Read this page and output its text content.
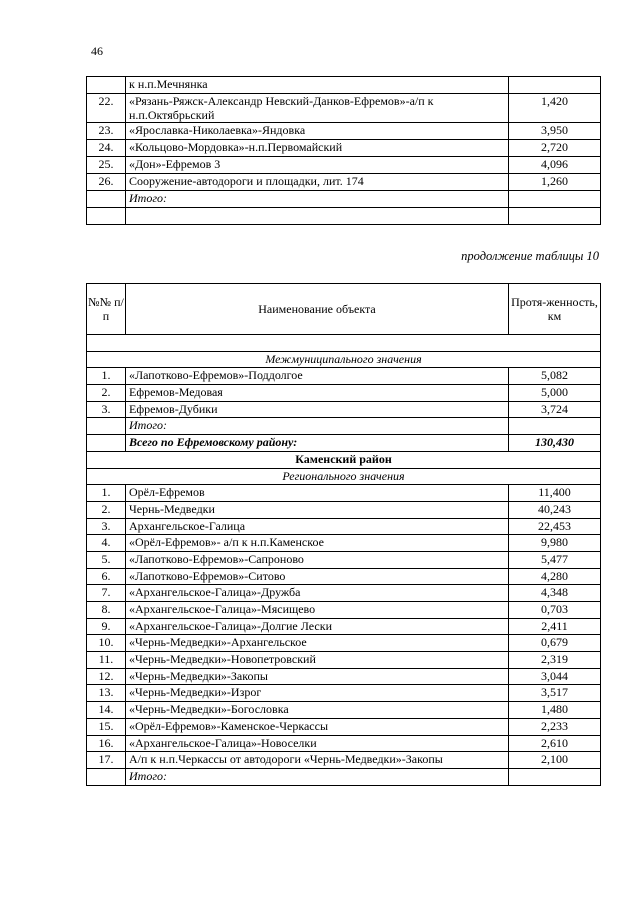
46
	к н.п.Мечнянка	
22.	«Рязань-Ряжск-Александр Невский-Данков-Ефремов»-а/п к н.п.Октябрьский	1,420
23.	«Ярославка-Николаевка»-Яндовка	3,950
24.	«Кольцово-Мордовка»-н.п.Первомайский	2,720
25.	«Дон»-Ефремов 3	4,096
26.	Сооружение-автодороги и площадки, лит. 174	1,260
	Итого:	

продолжение таблицы 10
№№ п/п	Наименование объекта	Протя-женность, км

Межмуниципального значения		
1.	«Лапотково-Ефремов»-Поддолгое	5,082
2.	Ефремов-Медовая	5,000
3.	Ефремов-Дубики	3,724
	Итого:	
	Всего по Ефремовскому району:	130,430
Каменский район		
Регионального значения		
1.	Орёл-Ефремов	11,400
2.	Чернь-Медведки	40,243
3.	Архангельское-Галица	22,453
4.	«Орёл-Ефремов»- а/п к н.п.Каменское	9,980
5.	«Лапотково-Ефремов»-Сапроново	5,477
6.	«Лапотково-Ефремов»-Ситово	4,280
7.	«Архангельское-Галица»-Дружба	4,348
8.	«Архангельское-Галица»-Мясищево	0,703
9.	«Архангельское-Галица»-Долгие Лески	2,411
10.	«Чернь-Медведки»-Архангельское	0,679
11.	«Чернь-Медведки»-Новопетровский	2,319
12.	«Чернь-Медведки»-Закопы	3,044
13.	«Чернь-Медведки»-Изрог	3,517
14.	«Чернь-Медведки»-Богословка	1,480
15.	«Орёл-Ефремов»-Каменское-Черкассы	2,233
16.	«Архангельское-Галица»-Новоселки	2,610
17.	А/п к н.п.Черкассы от автодороги «Чернь-Медведки»-Закопы	2,100
	Итого:	
